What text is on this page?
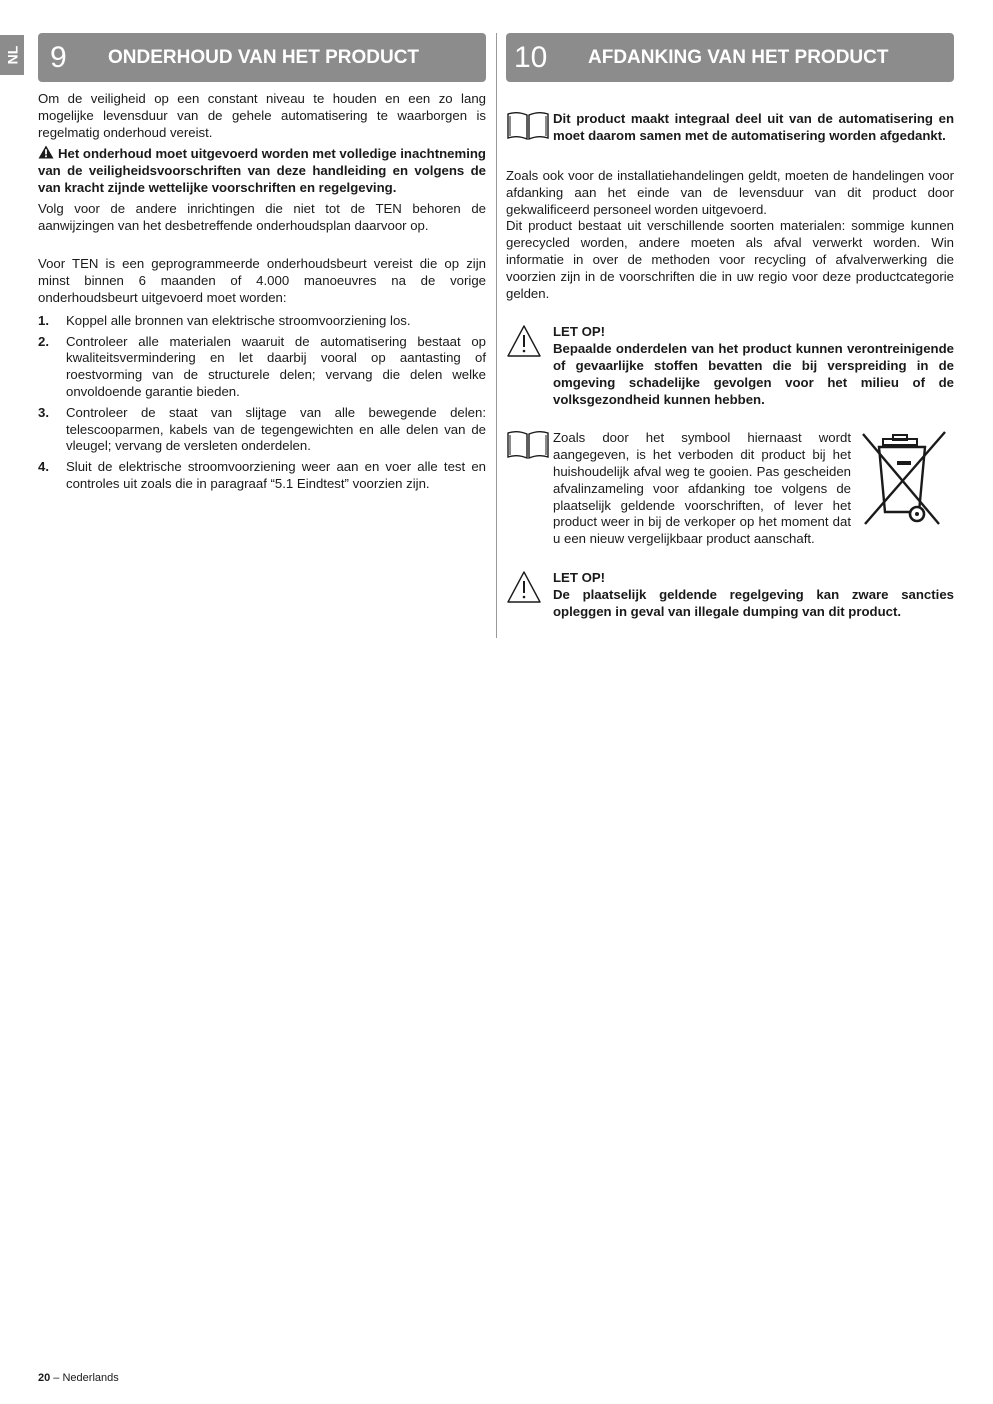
NL	9	ONDERHOUD VAN HET PRODUCT

Om de veiligheid op een constant niveau te houden en een zo lang mogelijke levensduur van de gehele automatisering te waarborgen is regelmatig onderhoud vereist.

Het onderhoud moet uitgevoerd worden met volledige inachtneming van de veiligheidsvoorschriften van deze handleiding en volgens de van kracht zijnde wettelijke voorschriften en regelgeving.

Volg voor de andere inrichtingen die niet tot de TEN behoren de aanwijzingen van het desbetreffende onderhoudsplan daarvoor op.

Voor TEN is een geprogrammeerde onderhoudsbeurt vereist die op zijn minst binnen 6 maanden of 4.000 manoeuvres na de vorige onderhoudsbeurt uitgevoerd moet worden:

1.	Koppel alle bronnen van elektrische stroomvoorziening los.
2.	Controleer alle materialen waaruit de automatisering bestaat op kwaliteitsvermindering en let daarbij vooral op aantasting of roestvorming van de structurele delen; vervang die delen welke onvoldoende garantie bieden.
3.	Controleer de staat van slijtage van alle bewegende delen: telescooparmen, kabels van de tegengewichten en alle delen van de vleugel; vervang de versleten onderdelen.
4.	Sluit de elektrische stroomvoorziening weer aan en voer alle test en controles uit zoals die in paragraaf “5.1 Eindtest” voorzien zijn.
10	AFDANKING VAN HET PRODUCT

Dit product maakt integraal deel uit van de automatisering en moet daarom samen met de automatisering worden afgedankt.

Zoals ook voor de installatiehandelingen geldt, moeten de handelingen voor afdanking aan het einde van de levensduur van dit product door gekwalificeerd personeel worden uitgevoerd.

Dit product bestaat uit verschillende soorten materialen: sommige kunnen gerecycled worden, andere moeten als afval verwerkt worden. Win informatie in over de methoden voor recycling of afvalverwerking die voorzien zijn in de voorschriften die in uw regio voor deze productcategorie gelden.

LET OP!

Bepaalde onderdelen van het product kunnen verontreinigende of gevaarlijke stoffen bevatten die bij verspreiding in de omgeving schadelijke gevolgen voor het milieu of de volksgezondheid kunnen hebben.

Zoals door het symbool hiernaast wordt aangegeven, is het verboden dit product bij het huishoudelijk afval weg te gooien. Pas gescheiden afvalinzameling voor afdanking toe volgens de plaatselijk geldende voorschriften, of lever het product weer in bij de verkoper op het moment dat u een nieuw vergelijkbaar product aanschaft.

LET OP!

De plaatselijk geldende regelgeving kan zware sancties opleggen in geval van illegale dumping van dit product.

20 – Nederlands
